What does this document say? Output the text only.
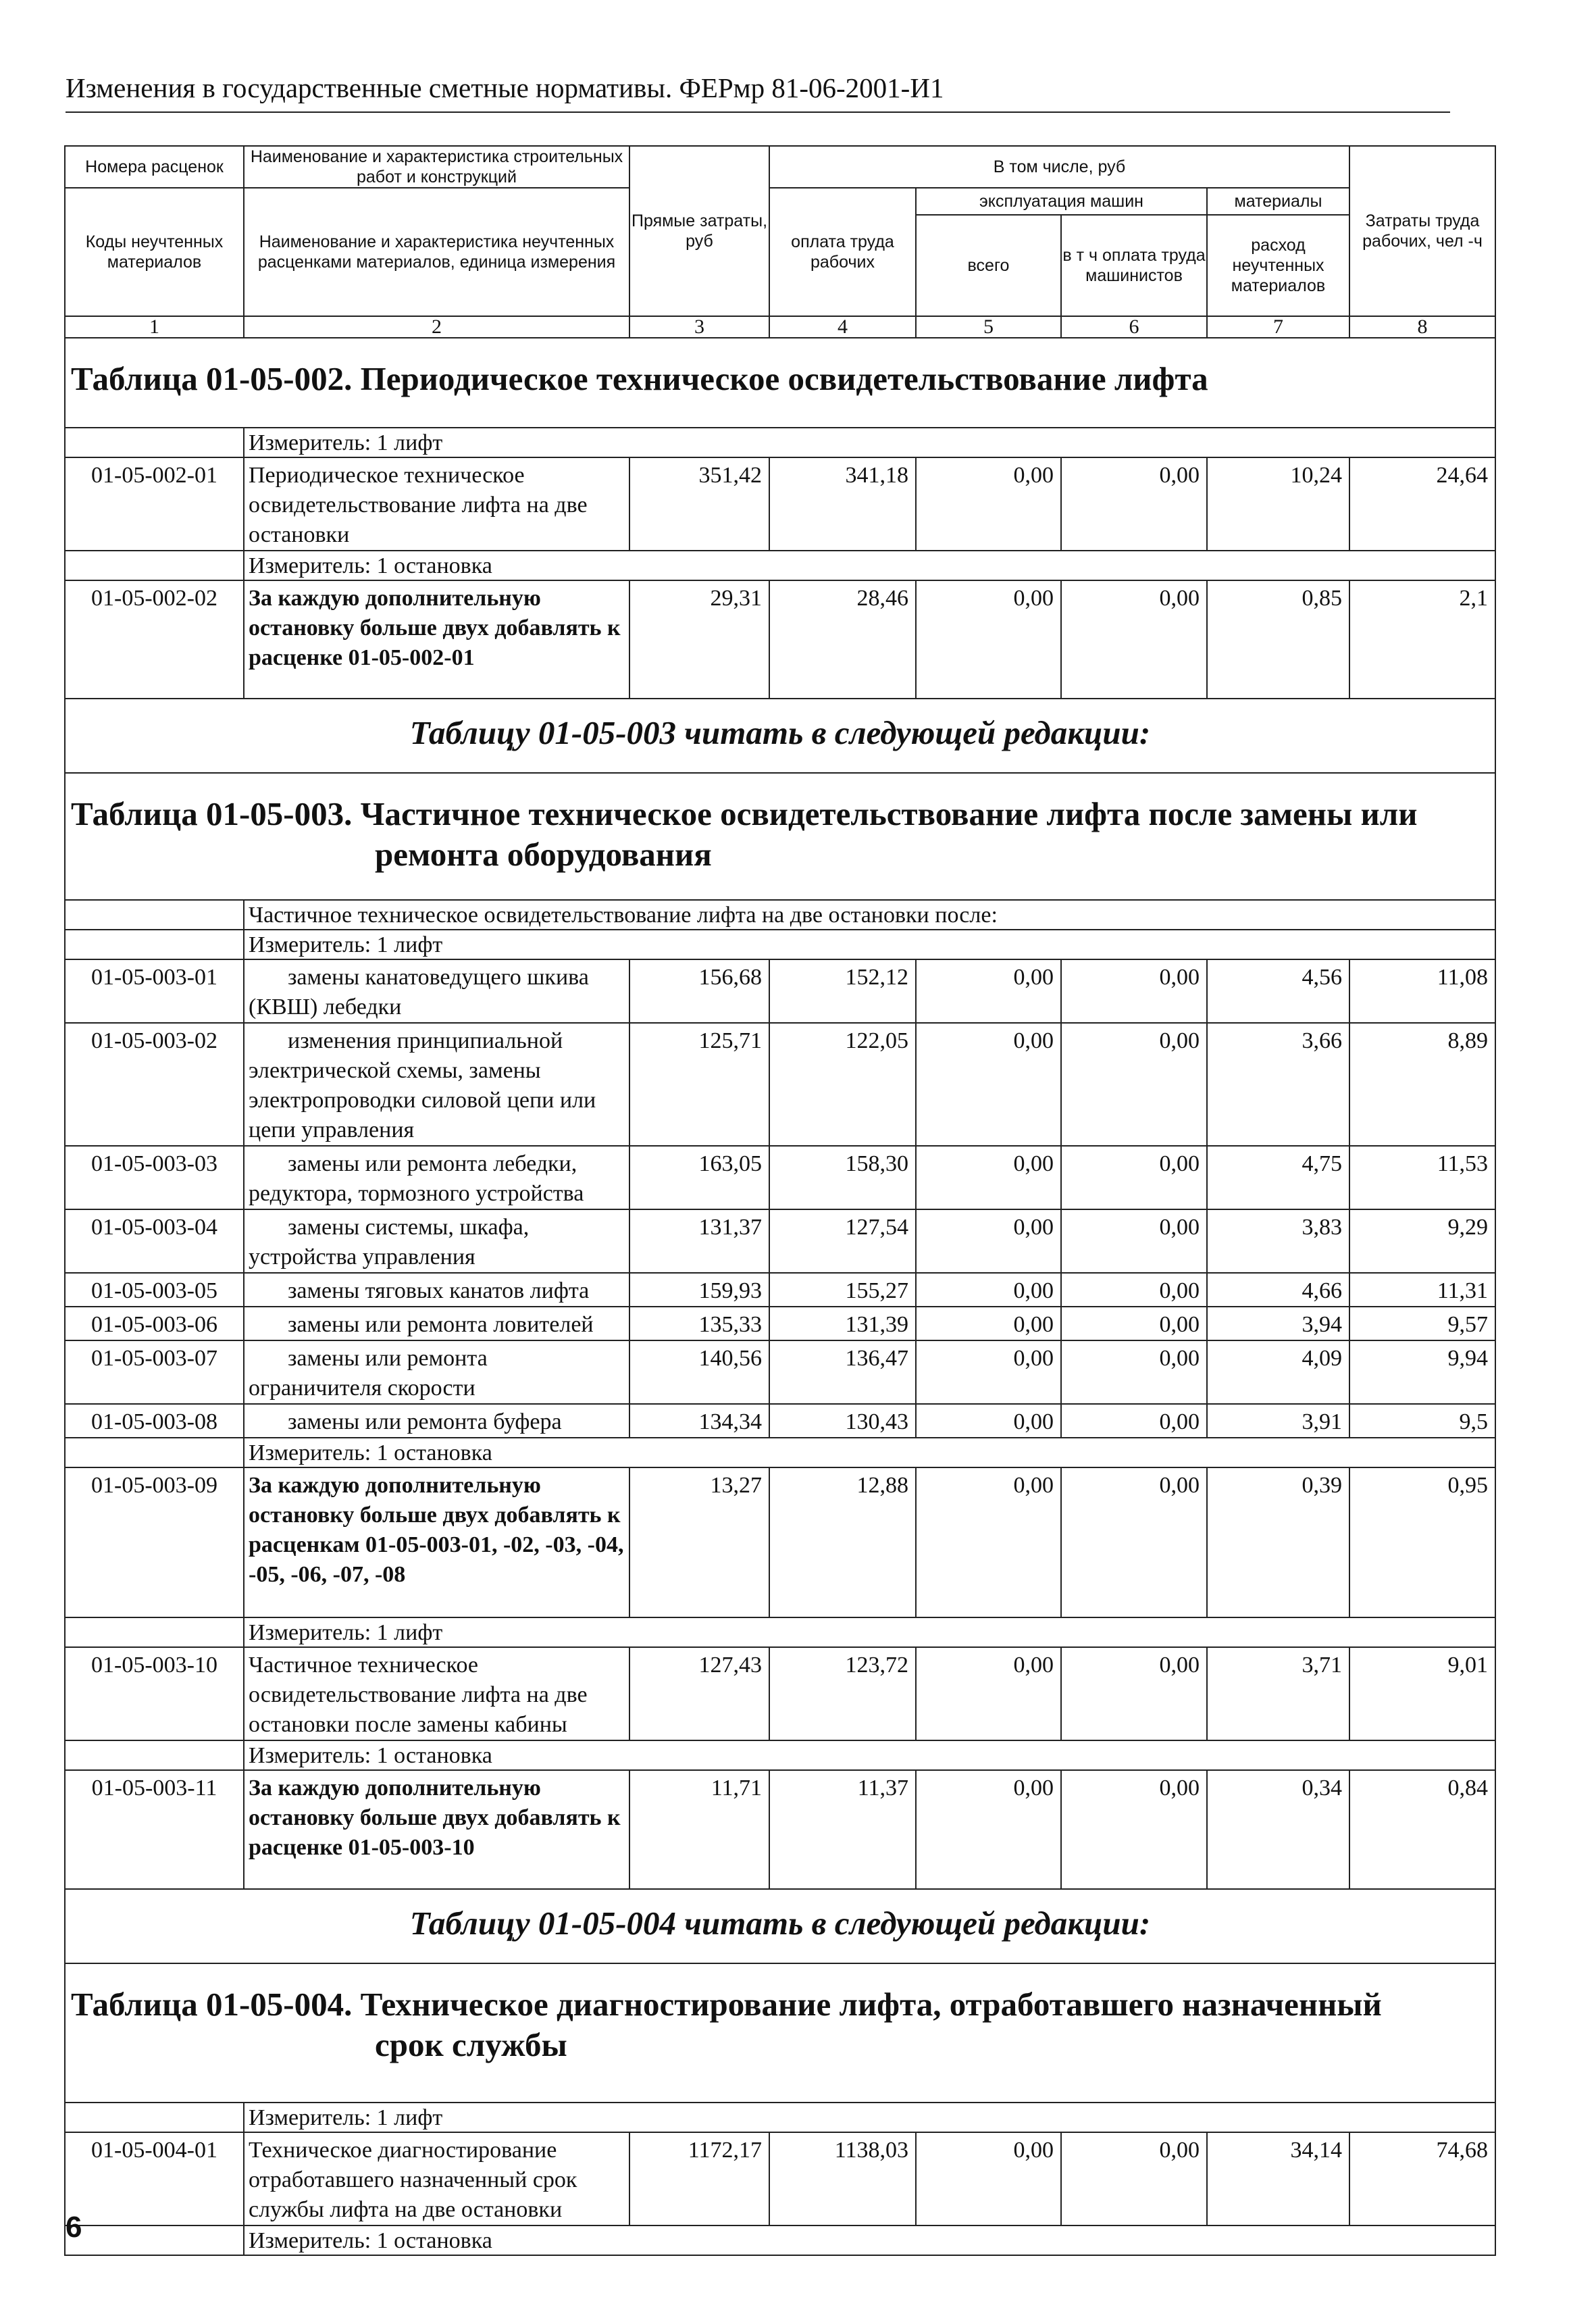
Изменения в государственные сметные нормативы. ФЕРмр 81-06-2001-И1
Номера расценок	Наименование и характеристика строительных работ и конструкций	Прямые затраты, руб	В том числе, руб				Затраты труда рабочих, чел -ч
Коды неучтенных материалов	Наименование и характеристика неучтенных расценками материалов, единица измерения		оплата труда рабочих	эксплуатация машин		материалы	
				всего	в т ч оплата труда машинистов	расход неучтенных материалов	
1	2	3	4	5	6	7	8
Таблица 01-05-002. Периодическое техническое освидетельствование лифта							
	Измеритель: 1 лифт						
01-05-002-01	Периодическое техническое освидетельствование лифта на две остановки	351,42	341,18	0,00	0,00	10,24	24,64
	Измеритель: 1 остановка						
01-05-002-02	За каждую дополнительную остановку больше двух добавлять к расценке 01-05-002-01	29,31	28,46	0,00	0,00	0,85	2,1
Таблицу 01-05-003 читать в следующей редакции:							
Таблица 01-05-003. Частичное техническое освидетельствование лифта после замены или
ремонта оборудования							

	Частичное техническое освидетельствование лифта на две остановки после:						
	Измеритель: 1 лифт						
01-05-003-01	замены канатоведущего шкива (КВШ) лебедки	156,68	152,12	0,00	0,00	4,56	11,08
01-05-003-02	изменения принципиальной электрической схемы, замены электропроводки силовой цепи или цепи управления	125,71	122,05	0,00	0,00	3,66	8,89
01-05-003-03	замены или ремонта лебедки, редуктора, тормозного устройства	163,05	158,30	0,00	0,00	4,75	11,53
01-05-003-04	замены системы, шкафа, устройства управления	131,37	127,54	0,00	0,00	3,83	9,29
01-05-003-05	замены тяговых канатов лифта	159,93	155,27	0,00	0,00	4,66	11,31
01-05-003-06	замены или ремонта ловителей	135,33	131,39	0,00	0,00	3,94	9,57
01-05-003-07	замены или ремонта ограничителя скорости	140,56	136,47	0,00	0,00	4,09	9,94
01-05-003-08	замены или ремонта буфера	134,34	130,43	0,00	0,00	3,91	9,5
	Измеритель: 1 остановка						
01-05-003-09	За каждую дополнительную остановку больше двух добавлять к расценкам 01-05-003-01, -02, -03, -04, -05, -06, -07, -08	13,27	12,88	0,00	0,00	0,39	0,95
	Измеритель: 1 лифт						
01-05-003-10	Частичное техническое освидетельствование лифта на две остановки после замены кабины	127,43	123,72	0,00	0,00	3,71	9,01
	Измеритель: 1 остановка						
01-05-003-11	За каждую дополнительную остановку больше двух добавлять к расценке 01-05-003-10	11,71	11,37	0,00	0,00	0,34	0,84
Таблицу 01-05-004 читать в следующей редакции:							
Таблица 01-05-004. Техническое диагностирование лифта, отработавшего назначенный
срок службы							

	Измеритель: 1 лифт						
01-05-004-01	Техническое диагностирование отработавшего назначенный срок службы лифта на две остановки	1172,17	1138,03	0,00	0,00	34,14	74,68
	Измеритель: 1 остановка						
6
